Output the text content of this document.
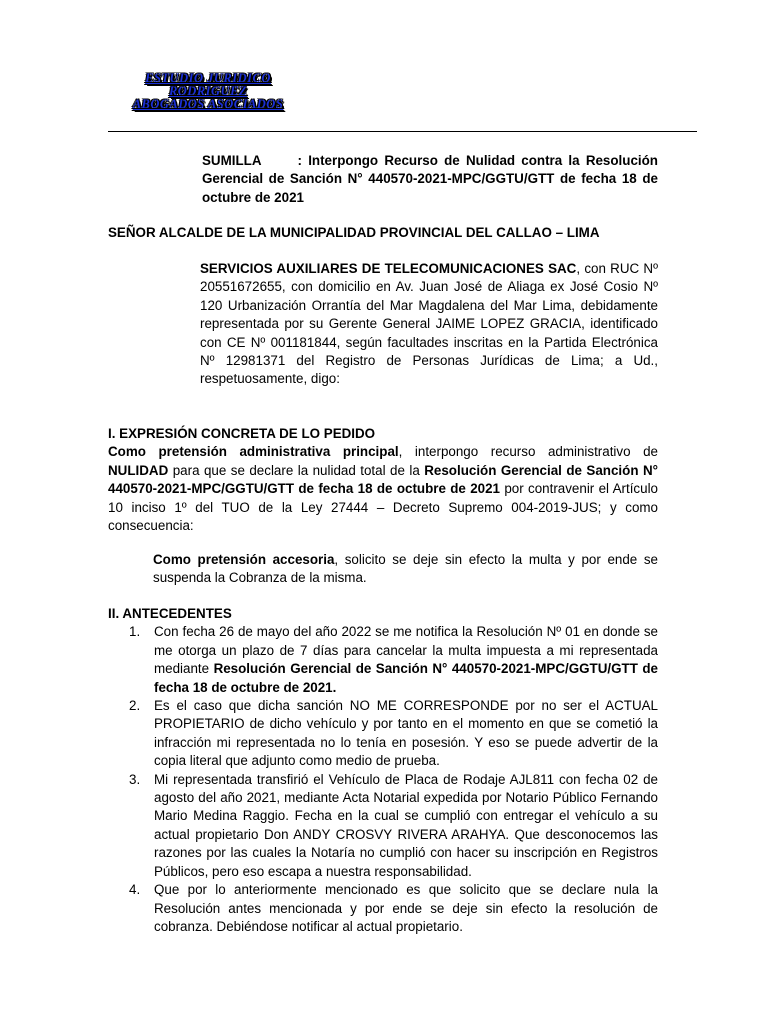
ESTUDIO JURIDICO
RODRIGUEZ
ABOGADOS ASOCIADOS
SUMILLA	: Interpongo Recurso de Nulidad contra la Resolución Gerencial de Sanción N° 440570-2021-MPC/GGTU/GTT de fecha 18 de octubre de 2021
SEÑOR ALCALDE DE LA MUNICIPALIDAD PROVINCIAL DEL CALLAO – LIMA
SERVICIOS AUXILIARES DE TELECOMUNICACIONES SAC, con RUC Nº 20551672655, con domicilio en Av. Juan José de Aliaga ex José Cosio Nº 120 Urbanización Orrantía del Mar Magdalena del Mar Lima, debidamente representada por su Gerente General JAIME LOPEZ GRACIA, identificado con CE Nº 001181844, según facultades inscritas en la Partida Electrónica Nº 12981371 del Registro de Personas Jurídicas de Lima; a Ud., respetuosamente, digo:
I. EXPRESIÓN CONCRETA DE LO PEDIDO
Como pretensión administrativa principal, interpongo recurso administrativo de NULIDAD para que se declare la nulidad total de la Resolución Gerencial de Sanción N° 440570-2021-MPC/GGTU/GTT de fecha 18 de octubre de 2021 por contravenir el Artículo 10 inciso 1º del TUO de la Ley 27444 – Decreto Supremo 004-2019-JUS; y como consecuencia:
Como pretensión accesoria, solicito se deje sin efecto la multa y por ende se suspenda la Cobranza de la misma.
II. ANTECEDENTES
1. Con fecha 26 de mayo del año 2022 se me notifica la Resolución Nº 01 en donde se me otorga un plazo de 7 días para cancelar la multa impuesta a mi representada mediante Resolución Gerencial de Sanción N° 440570-2021-MPC/GGTU/GTT de fecha 18 de octubre de 2021.
2. Es el caso que dicha sanción NO ME CORRESPONDE por no ser el ACTUAL PROPIETARIO de dicho vehículo y por tanto en el momento en que se cometió la infracción mi representada no lo tenía en posesión. Y eso se puede advertir de la copia literal que adjunto como medio de prueba.
3. Mi representada transfirió el Vehículo de Placa de Rodaje AJL811 con fecha 02 de agosto del año 2021, mediante Acta Notarial expedida por Notario Público Fernando Mario Medina Raggio. Fecha en la cual se cumplió con entregar el vehículo a su actual propietario Don ANDY CROSVY RIVERA ARAHYA. Que desconocemos las razones por las cuales la Notaría no cumplió con hacer su inscripción en Registros Públicos, pero eso escapa a nuestra responsabilidad.
4. Que por lo anteriormente mencionado es que solicito que se declare nula la Resolución antes mencionada y por ende se deje sin efecto la resolución de cobranza. Debiéndose notificar al actual propietario.
